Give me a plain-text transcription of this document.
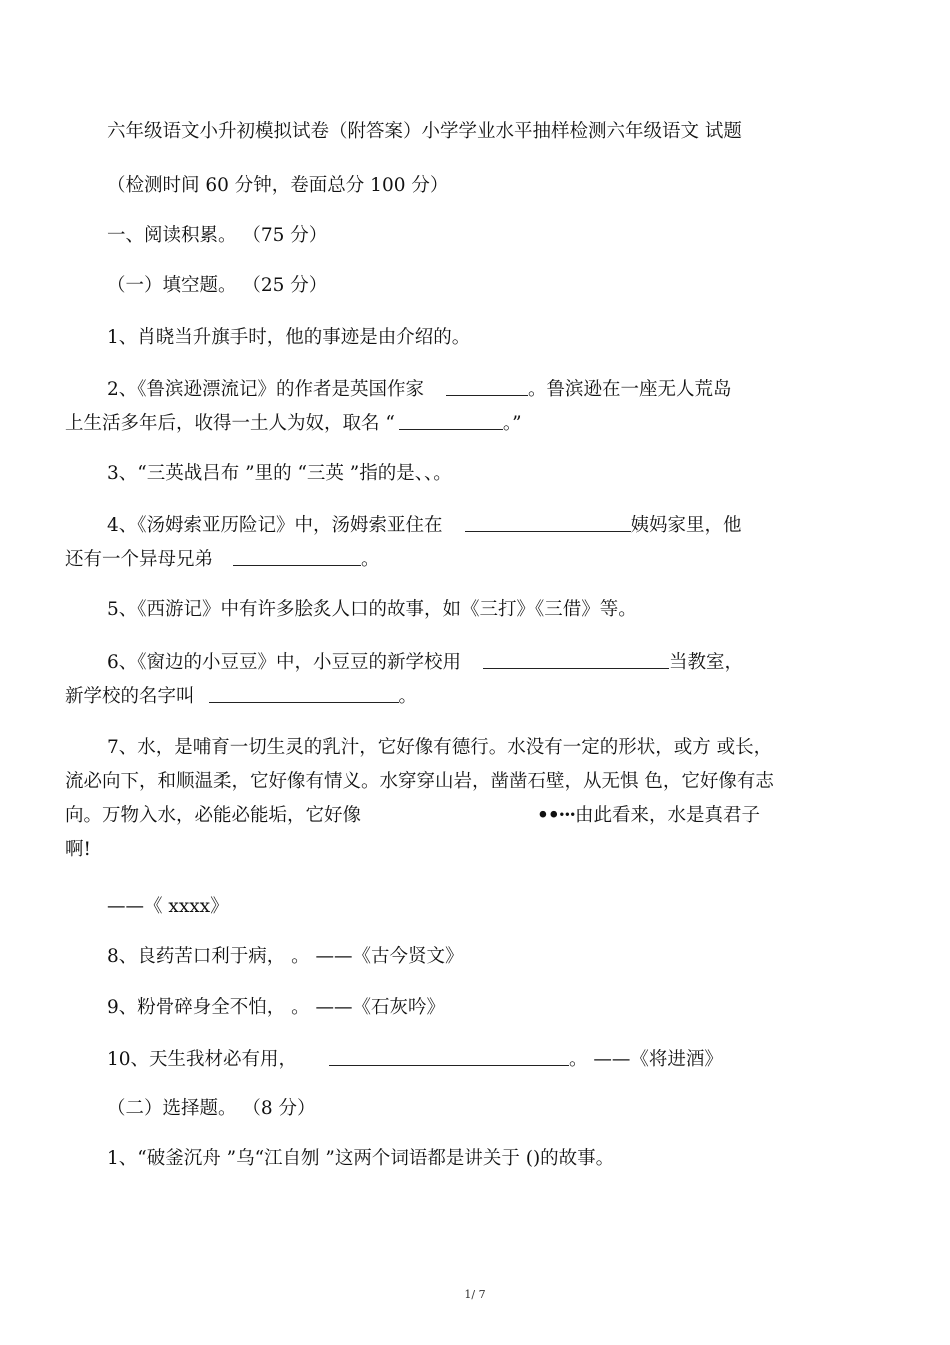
六年级语文小升初模拟试卷（附答案）小学学业水平抽样检测六年级语文 试题
（检测时间 60 分钟，卷面总分 100 分）
一、阅读积累。 （75 分）
（一）填空题。 （25 分）
1、肖晓当升旗手时，他的事迹是由介绍的。
2、《鲁滨逊漂流记》的作者是英国作家	。鲁滨逊在一座无人荒岛
上生活多年后，收得一土人为奴，取名 “	。”
3、“三英战吕布 ”里的 “三英 ”指的是、、。
4、《汤姆索亚历险记》中，汤姆索亚住在	姨妈家里，他
还有一个异母兄弟	。
5、《西游记》中有许多脍炙人口的故事，如《三打》《三借》等。
6、《窗边的小豆豆》中，小豆豆的新学校用	当教室，
新学校的名字叫	。
7、水，是哺育一切生灵的乳汁，它好像有德行。水没有一定的形状，或方 或长，
流必向下，和顺温柔，它好像有情义。水穿穿山岩，凿凿石壁，从无惧 色，它好像有志
向。万物入水，必能必能垢，它好像	••···由此看来，水是真君子
啊!
——《 xxxx》
8、良药苦口利于病， 。 ——《古今贤文》
9、粉骨碎身全不怕， 。 ——《石灰吟》
10、天生我材必有用，	。 ——《将进酒》
（二）选择题。 （8 分）
1、“破釜沉舟 ”乌“江自刎 ”这两个词语都是讲关于 ()的故事。
1/ 7
